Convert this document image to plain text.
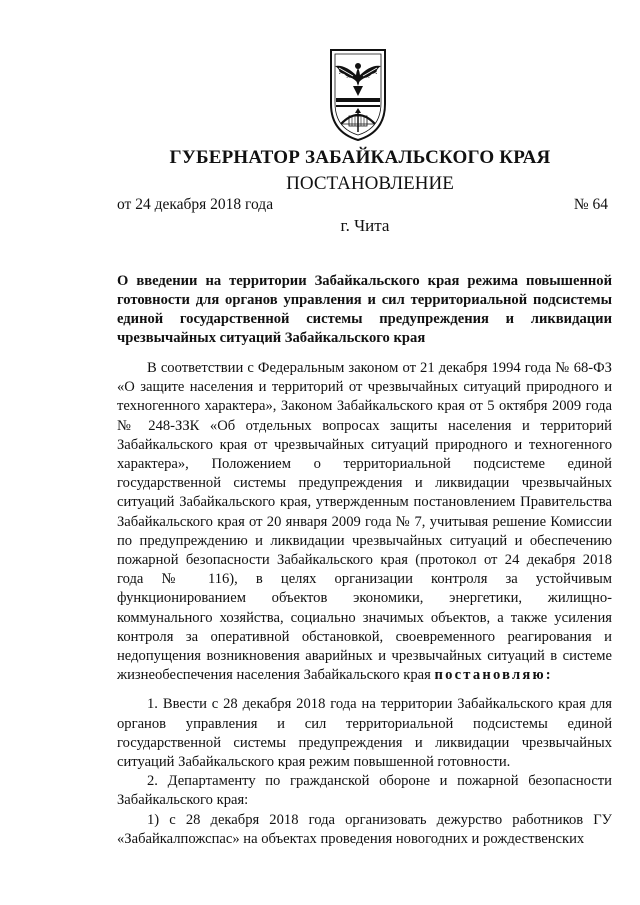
ГУБЕРНАТОР ЗАБАЙКАЛЬСКОГО КРАЯ
ПОСТАНОВЛЕНИЕ
от 24 декабря 2018 года	№ 64
г. Чита

О введении на территории Забайкальского края режима повышенной готовности для органов управления и сил территориальной подсистемы единой государственной системы предупреждения и ликвидации чрезвычайных ситуаций Забайкальского края

В соответствии с Федеральным законом от 21 декабря 1994 года № 68-ФЗ «О защите населения и территорий от чрезвычайных ситуаций природного и техногенного характера», Законом Забайкальского края от 5 октября 2009 года № 248-ЗЗК «Об отдельных вопросах защиты населения и территорий Забайкальского края от чрезвычайных ситуаций природного и техногенного характера», Положением о территориальной подсистеме единой государственной системы предупреждения и ликвидации чрезвычайных ситуаций Забайкальского края, утвержденным постановлением Правительства Забайкальского края от 20 января 2009 года № 7, учитывая решение Комиссии по предупреждению и ликвидации чрезвычайных ситуаций и обеспечению пожарной безопасности Забайкальского края (протокол от 24 декабря 2018 года № 116), в целях организации контроля за устойчивым функционированием объектов экономики, энергетики, жилищно-коммунального хозяйства, социально значимых объектов, а также усиления контроля за оперативной обстановкой, своевременного реагирования и недопущения возникновения аварийных и чрезвычайных ситуаций в системе жизнеобеспечения населения Забайкальского края постановляю:

1. Ввести с 28 декабря 2018 года на территории Забайкальского края для органов управления и сил территориальной подсистемы единой государственной системы предупреждения и ликвидации чрезвычайных ситуаций Забайкальского края режим повышенной готовности.

2. Департаменту по гражданской обороне и пожарной безопасности Забайкальского края:

1) с 28 декабря 2018 года организовать дежурство работников ГУ «Забайкалпожспас» на объектах проведения новогодних и рождественских
